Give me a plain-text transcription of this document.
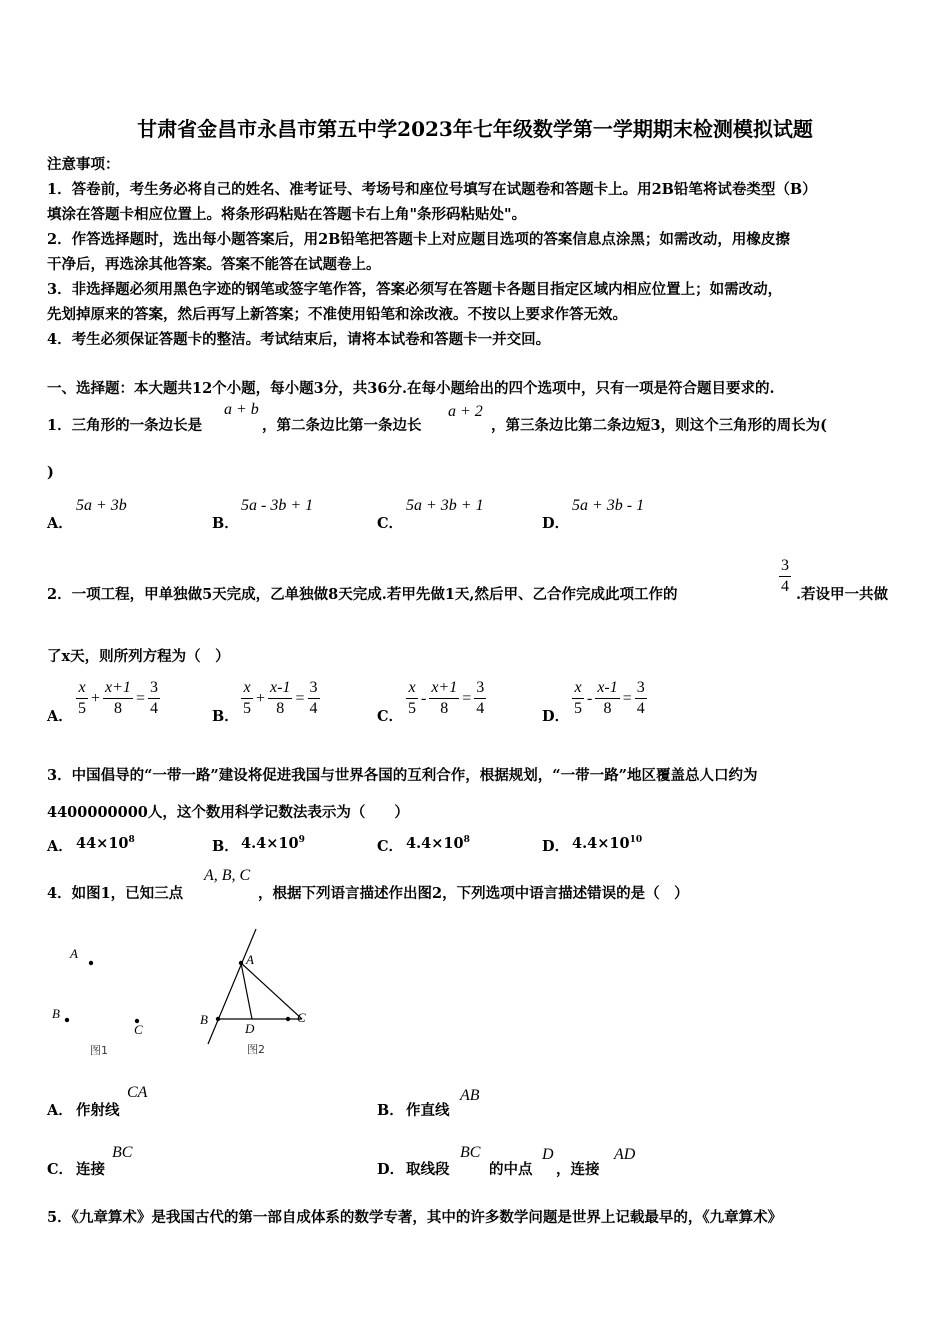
甘肃省金昌市永昌市第五中学2023年七年级数学第一学期期末检测模拟试题
注意事项：
1．答卷前，考生务必将自己的姓名、准考证号、考场号和座位号填写在试题卷和答题卡上。用2B铅笔将试卷类型（B）
填涂在答题卡相应位置上。将条形码粘贴在答题卡右上角"条形码粘贴处"。
2．作答选择题时，选出每小题答案后，用2B铅笔把答题卡上对应题目选项的答案信息点涂黑；如需改动，用橡皮擦
干净后，再选涂其他答案。答案不能答在试题卷上。
3．非选择题必须用黑色字迹的钢笔或签字笔作答，答案必须写在答题卡各题目指定区域内相应位置上；如需改动，
先划掉原来的答案，然后再写上新答案；不准使用铅笔和涂改液。不按以上要求作答无效。
4．考生必须保证答题卡的整洁。考试结束后，请将本试卷和答题卡一并交回。
一、选择题：本大题共12个小题，每小题3分，共36分.在每小题给出的四个选项中，只有一项是符合题目要求的.
1．三角形的一条边长是
a + b
，第二条边比第一条边长
a + 2
，第三条边比第二条边短3，则这个三角形的周长为(
)
A．
5a + 3b
B．
5a - 3b + 1
C．
5a + 3b + 1
D．
5a + 3b - 1
2．一项工程，甲单独做5天完成，乙单独做8天完成.若甲先做1天,然后甲、乙合作完成此项工作的	$\frac{3}{4}$ .若设甲一共做
了x天，则所列方程为（　）
A． $\frac{x}{5} + \frac{x+1}{8} = \frac{3}{4}$	B． $\frac{x}{5} + \frac{x-1}{8} = \frac{3}{4}$	C． $\frac{x}{5} - \frac{x+1}{8} = \frac{3}{4}$	D． $\frac{x}{5} - \frac{x-1}{8} = \frac{3}{4}$
3．中国倡导的“一带一路”建设将促进我国与世界各国的互利合作，根据规划，“一带一路”地区覆盖总人口约为
4400000000人，这个数用科学记数法表示为（　　）
A． $44\times 10^8$	B． $4.4\times 10^9$	C． $4.4\times 10^8$	D． $4.4\times 10^{10}$
4．如图1，已知三点
A, B, C
，根据下列语言描述作出图2，下列选项中语言描述错误的是（　）
A
B
C
图1
A
B	C
D
图2
A． 作射线
CA
B． 作直线
AB
C． 连接
BC
D． 取线段
BC
的中点
D
，连接
AD
5．《九章算术》是我国古代的第一部自成体系的数学专著，其中的许多数学问题是世界上记载最早的，《九章算术》
